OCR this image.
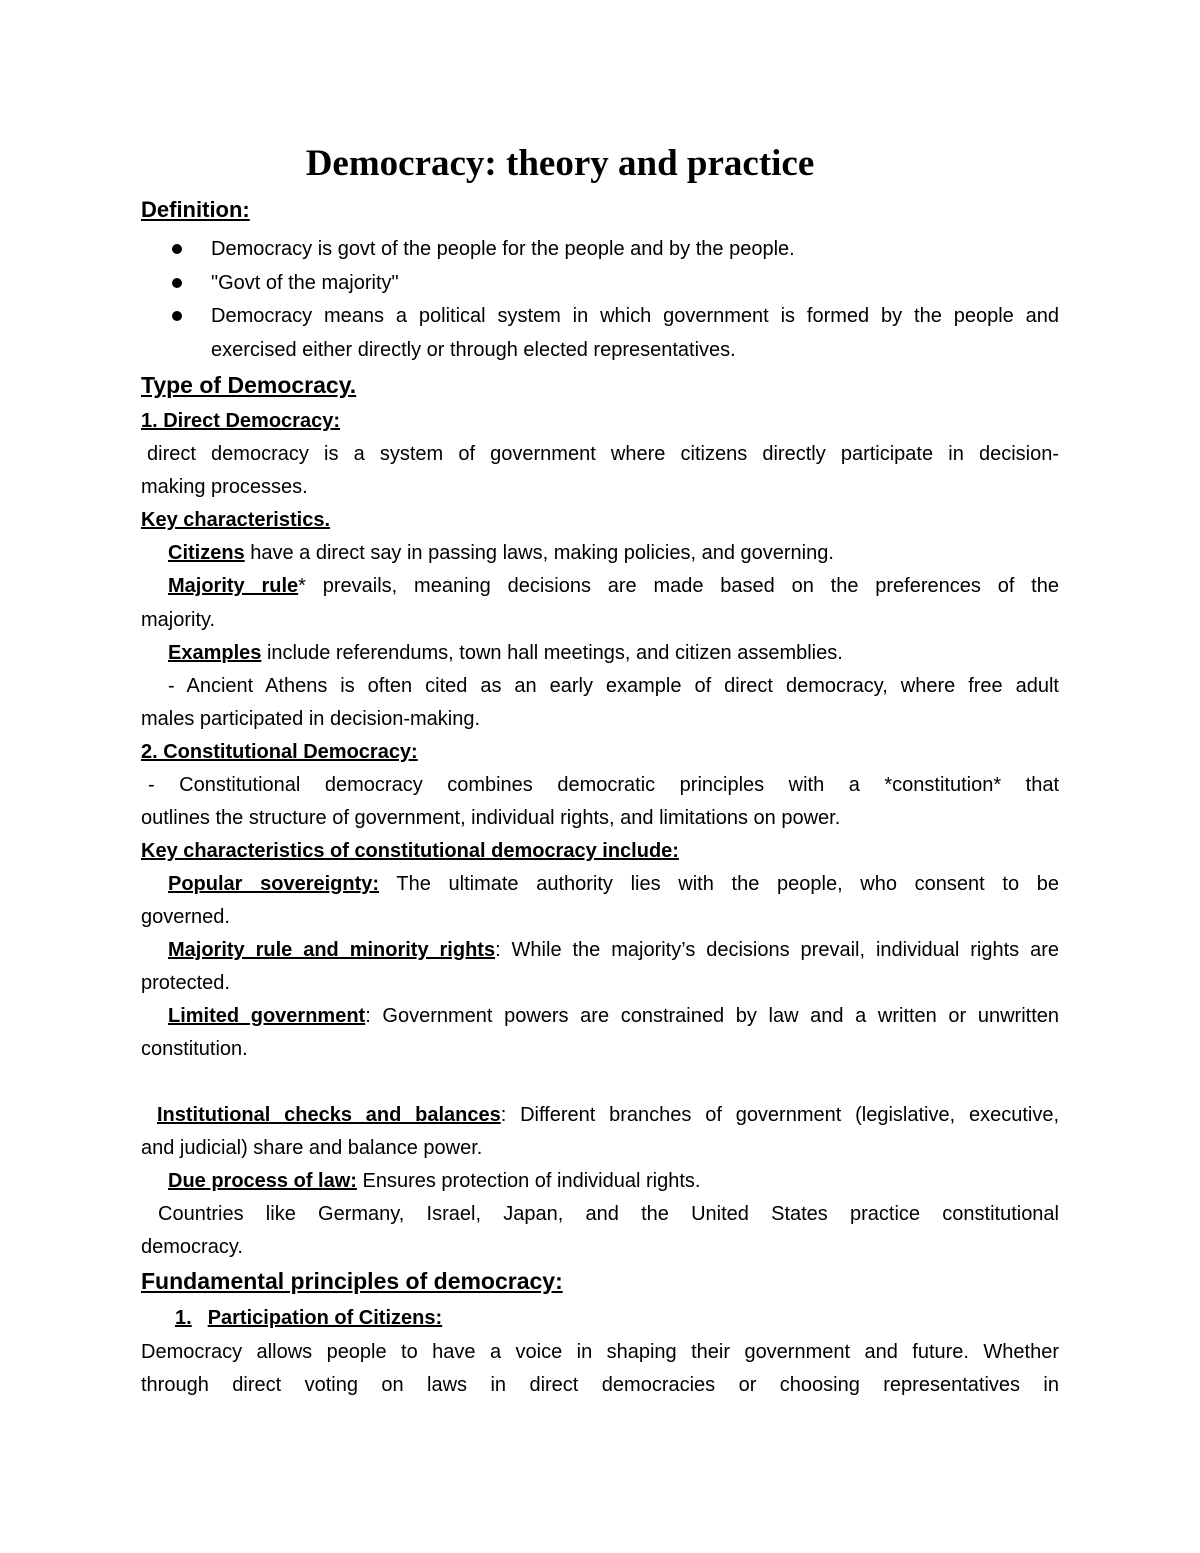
Democracy: theory and practice
Definition:
Democracy is govt of the people for the people and by the people.
"Govt of the majority"
Democracy means a political system in which government is formed by the people and
exercised either directly or through elected representatives.
Type of Democracy.
1. Direct Democracy:
direct democracy is a system of government where citizens directly participate in decision-
making processes.
Key characteristics.
Citizens have a direct say in passing laws, making policies, and governing.
Majority rule* prevails, meaning decisions are made based on the preferences of the
majority.
Examples include referendums, town hall meetings, and citizen assemblies.
- Ancient Athens is often cited as an early example of direct democracy, where free adult
males participated in decision-making.
2. Constitutional Democracy:
- Constitutional democracy combines democratic principles with a *constitution* that
outlines the structure of government, individual rights, and limitations on power.
Key characteristics of constitutional democracy include:
Popular sovereignty: The ultimate authority lies with the people, who consent to be
governed.
Majority rule and minority rights: While the majority’s decisions prevail, individual rights are
protected.
Limited government: Government powers are constrained by law and a written or unwritten
constitution.
Institutional checks and balances: Different branches of government (legislative, executive,
and judicial) share and balance power.
Due process of law: Ensures protection of individual rights.
Countries like Germany, Israel, Japan, and the United States practice constitutional
democracy.
Fundamental principles of democracy:
1. Participation of Citizens:
Democracy allows people to have a voice in shaping their government and future. Whether
through direct voting on laws in direct democracies or choosing representatives in
